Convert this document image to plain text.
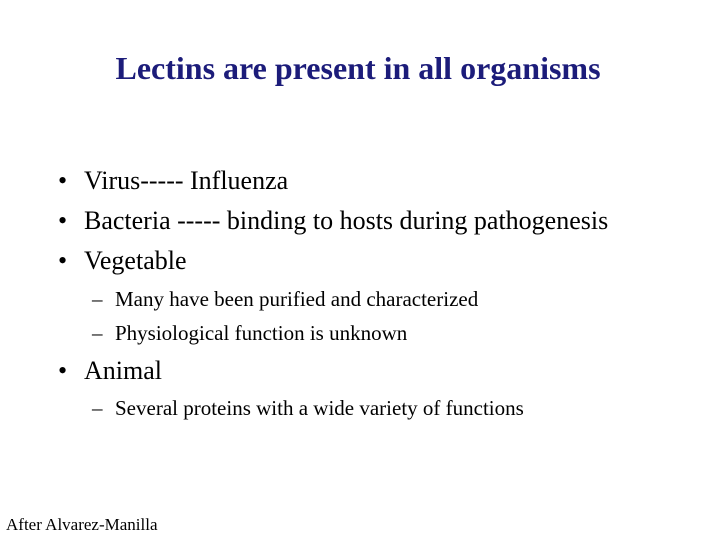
Lectins are present in all organisms
• Virus----- Influenza
• Bacteria ----- binding to hosts during pathogenesis
• Vegetable
– Many have been purified and characterized
– Physiological function is unknown
• Animal
– Several proteins with a wide variety of functions
After Alvarez-Manilla
